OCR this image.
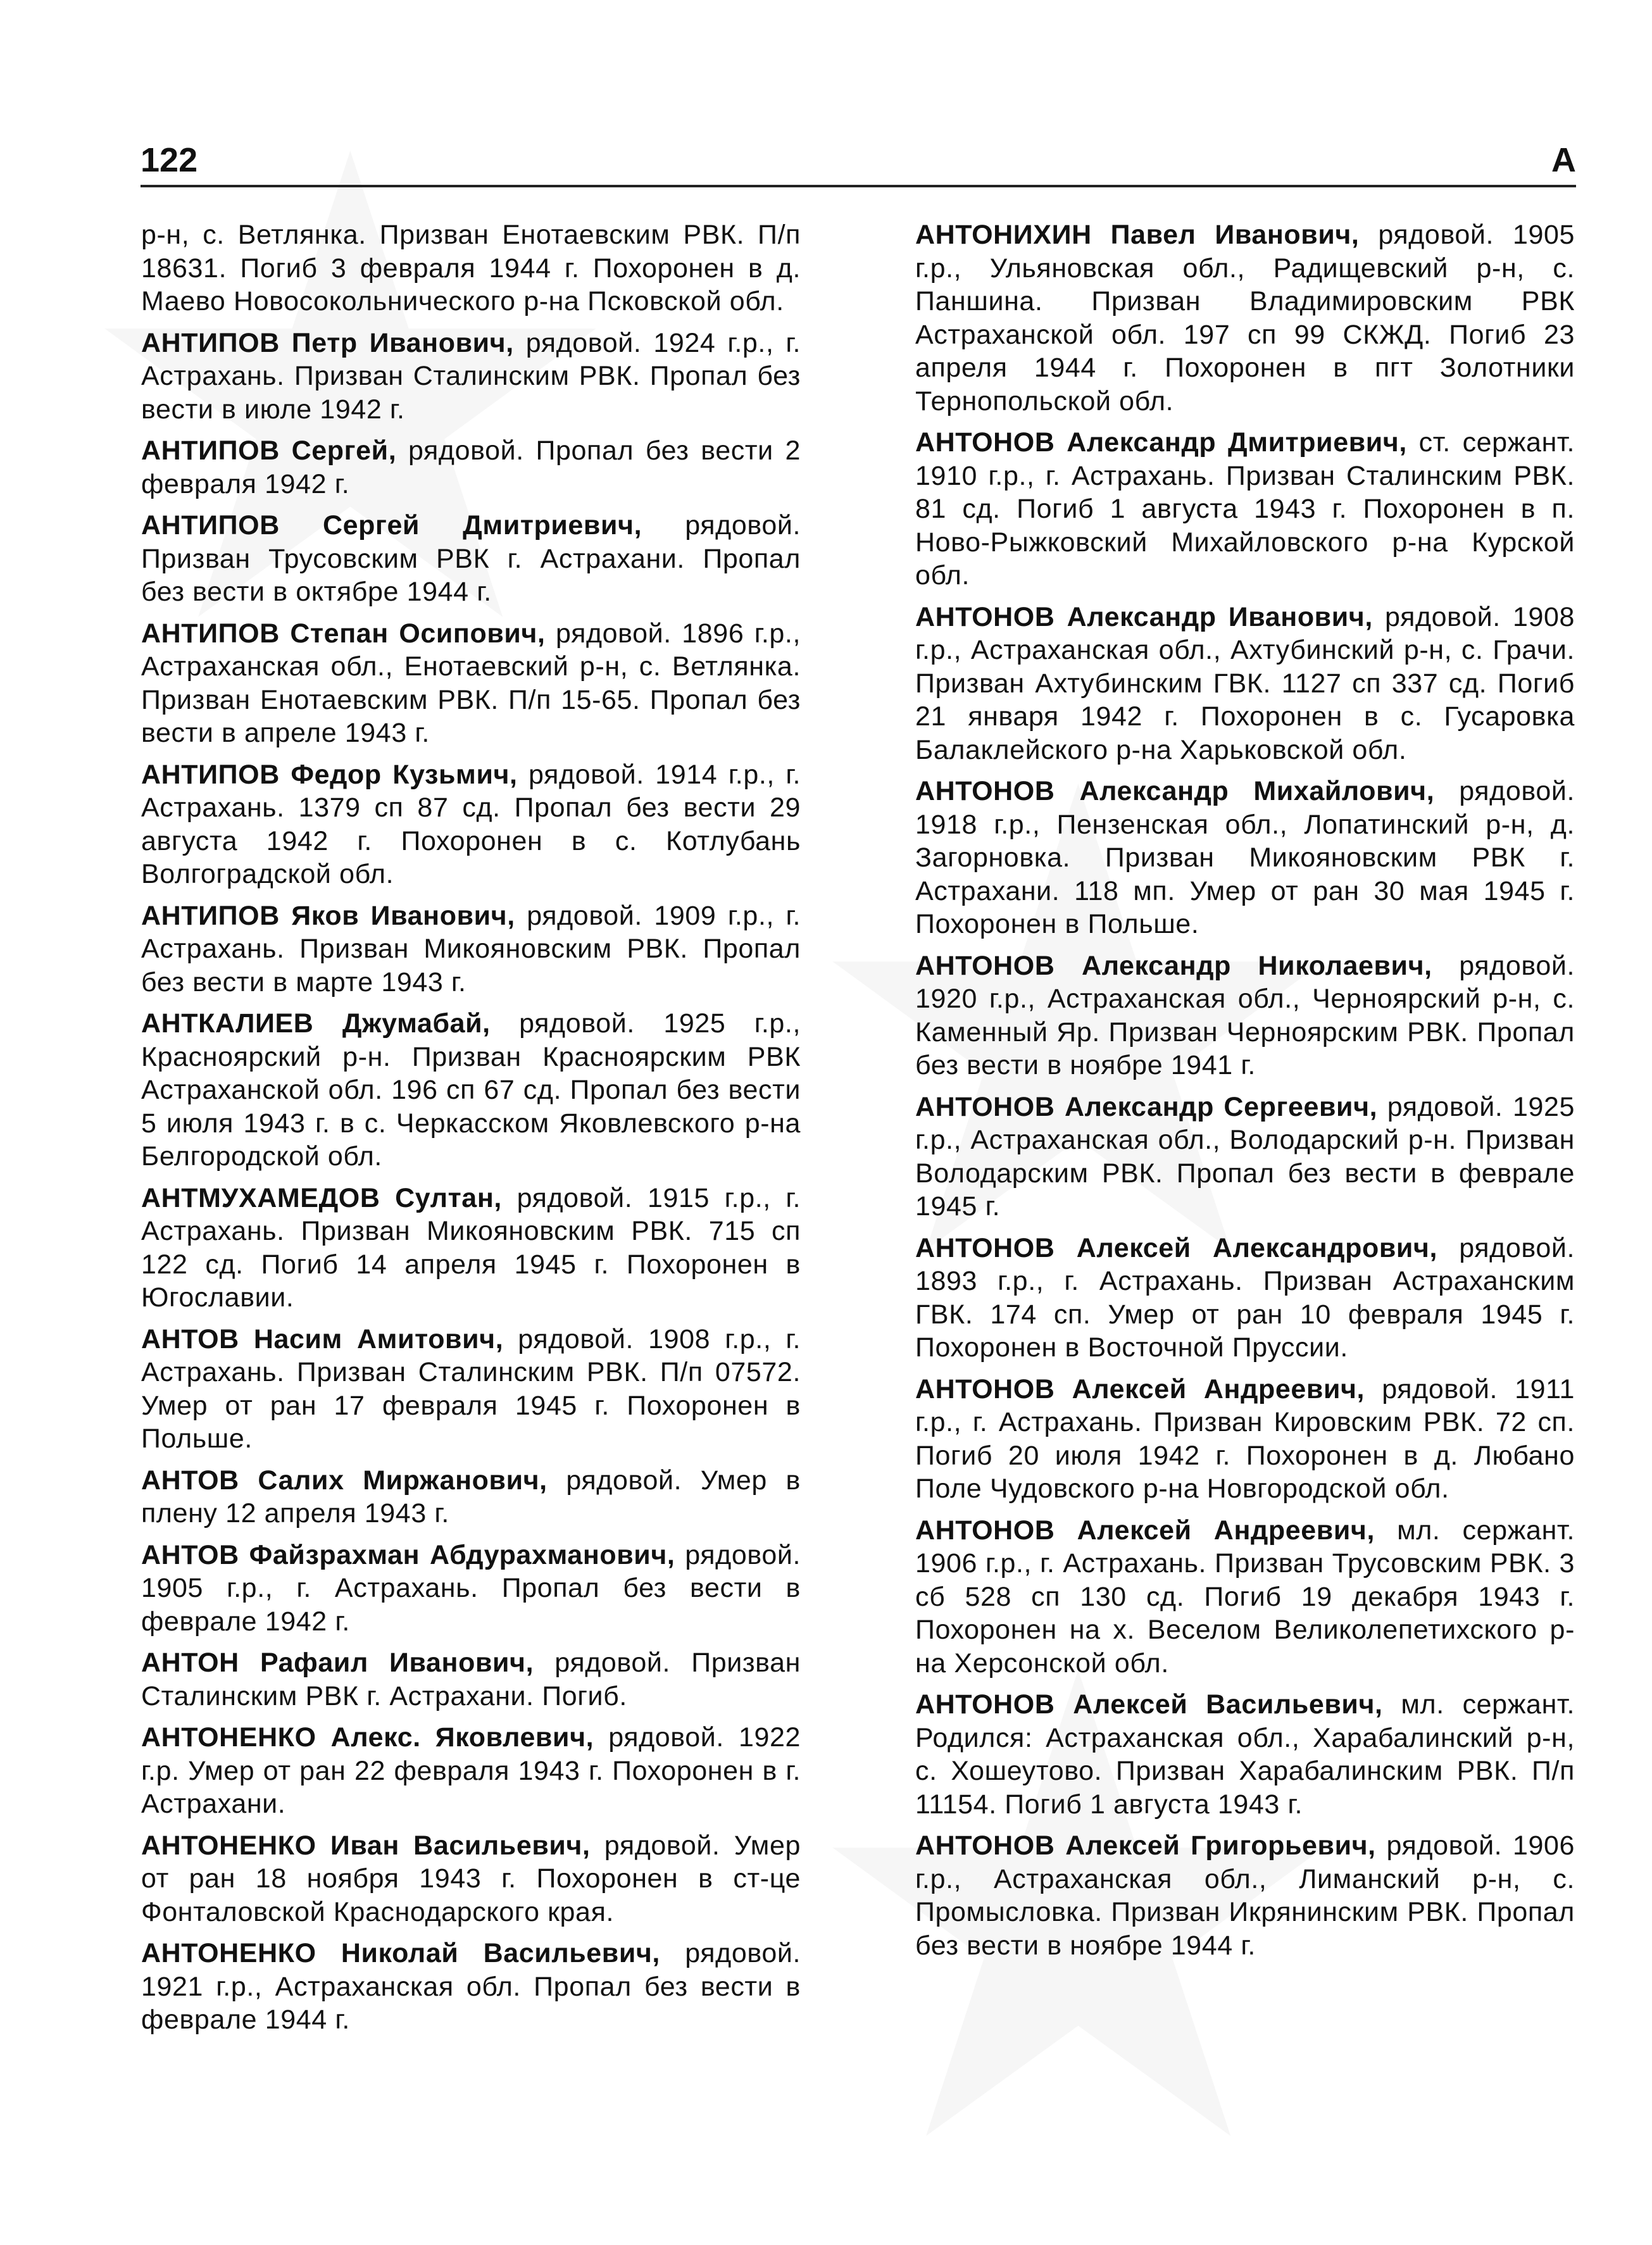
122	А

р-н, с. Ветлянка. Призван Енотаевским РВК. П/п 18631. Погиб 3 февраля 1944 г. Похоронен в д. Маево Новосокольнического р-на Псковской обл.

АНТИПОВ Петр Иванович, рядовой. 1924 г.р., г. Астрахань. Призван Сталинским РВК. Пропал без вести в июле 1942 г.

АНТИПОВ Сергей, рядовой. Пропал без вести 2 февраля 1942 г.

АНТИПОВ Сергей Дмитриевич, рядовой. Призван Трусовским РВК г. Астрахани. Пропал без вести в октябре 1944 г.

АНТИПОВ Степан Осипович, рядовой. 1896 г.р., Астраханская обл., Енотаевский р-н, с. Ветлянка. Призван Енотаевским РВК. П/п 15-65. Пропал без вести в апреле 1943 г.

АНТИПОВ Федор Кузьмич, рядовой. 1914 г.р., г. Астрахань. 1379 сп 87 сд. Пропал без вести 29 августа 1942 г. Похоронен в с. Котлубань Волгоградской обл.

АНТИПОВ Яков Иванович, рядовой. 1909 г.р., г. Астрахань. Призван Микояновским РВК. Пропал без вести в марте 1943 г.

АНТКАЛИЕВ Джумабай, рядовой. 1925 г.р., Красноярский р-н. Призван Красноярским РВК Астраханской обл. 196 сп 67 сд. Пропал без вести 5 июля 1943 г. в с. Черкасском Яковлевского р-на Белгородской обл.

АНТМУХАМЕДОВ Султан, рядовой. 1915 г.р., г. Астрахань. Призван Микояновским РВК. 715 сп 122 сд. Погиб 14 апреля 1945 г. Похоронен в Югославии.

АНТОВ Насим Амитович, рядовой. 1908 г.р., г. Астрахань. Призван Сталинским РВК. П/п 07572. Умер от ран 17 февраля 1945 г. Похоронен в Польше.

АНТОВ Салих Миржанович, рядовой. Умер в плену 12 апреля 1943 г.

АНТОВ Файзрахман Абдурахманович, рядовой. 1905 г.р., г. Астрахань. Пропал без вести в феврале 1942 г.

АНТОН Рафаил Иванович, рядовой. Призван Сталинским РВК г. Астрахани. Погиб.

АНТОНЕНКО Алекс. Яковлевич, рядовой. 1922 г.р. Умер от ран 22 февраля 1943 г. Похоронен в г. Астрахани.

АНТОНЕНКО Иван Васильевич, рядовой. Умер от ран 18 ноября 1943 г. Похоронен в ст-це Фонталовской Краснодарского края.

АНТОНЕНКО Николай Васильевич, рядовой. 1921 г.р., Астраханская обл. Пропал без вести в феврале 1944 г.

АНТОНИХИН Павел Иванович, рядовой. 1905 г.р., Ульяновская обл., Радищевский р-н, с. Паншина. Призван Владимировским РВК Астраханской обл. 197 сп 99 СКЖД. Погиб 23 апреля 1944 г. Похоронен в пгт Золотники Тернопольской обл.

АНТОНОВ Александр Дмитриевич, ст. сержант. 1910 г.р., г. Астрахань. Призван Сталинским РВК. 81 сд. Погиб 1 августа 1943 г. Похоронен в п. Ново-Рыжковский Михайловского р-на Курской обл.

АНТОНОВ Александр Иванович, рядовой. 1908 г.р., Астраханская обл., Ахтубинский р-н, с. Грачи. Призван Ахтубинским ГВК. 1127 сп 337 сд. Погиб 21 января 1942 г. Похоронен в с. Гусаровка Балаклейского р-на Харьковской обл.

АНТОНОВ Александр Михайлович, рядовой. 1918 г.р., Пензенская обл., Лопатинский р-н, д. Загорновка. Призван Микояновским РВК г. Астрахани. 118 мп. Умер от ран 30 мая 1945 г. Похоронен в Польше.

АНТОНОВ Александр Николаевич, рядовой. 1920 г.р., Астраханская обл., Черноярский р-н, с. Каменный Яр. Призван Черноярским РВК. Пропал без вести в ноябре 1941 г.

АНТОНОВ Александр Сергеевич, рядовой. 1925 г.р., Астраханская обл., Володарский р-н. Призван Володарским РВК. Пропал без вести в феврале 1945 г.

АНТОНОВ Алексей Александрович, рядовой. 1893 г.р., г. Астрахань. Призван Астраханским ГВК. 174 сп. Умер от ран 10 февраля 1945 г. Похоронен в Восточной Пруссии.

АНТОНОВ Алексей Андреевич, рядовой. 1911 г.р., г. Астрахань. Призван Кировским РВК. 72 сп. Погиб 20 июля 1942 г. Похоронен в д. Любано Поле Чудовского р-на Новгородской обл.

АНТОНОВ Алексей Андреевич, мл. сержант. 1906 г.р., г. Астрахань. Призван Трусовским РВК. 3 сб 528 сп 130 сд. Погиб 19 декабря 1943 г. Похоронен на х. Веселом Великолепетихского р-на Херсонской обл.

АНТОНОВ Алексей Васильевич, мл. сержант. Родился: Астраханская обл., Харабалинский р-н, с. Хошеутово. Призван Харабалинским РВК. П/п 11154. Погиб 1 августа 1943 г.

АНТОНОВ Алексей Григорьевич, рядовой. 1906 г.р., Астраханская обл., Лиманский р-н, с. Промысловка. Призван Икрянинским РВК. Пропал без вести в ноябре 1944 г.
